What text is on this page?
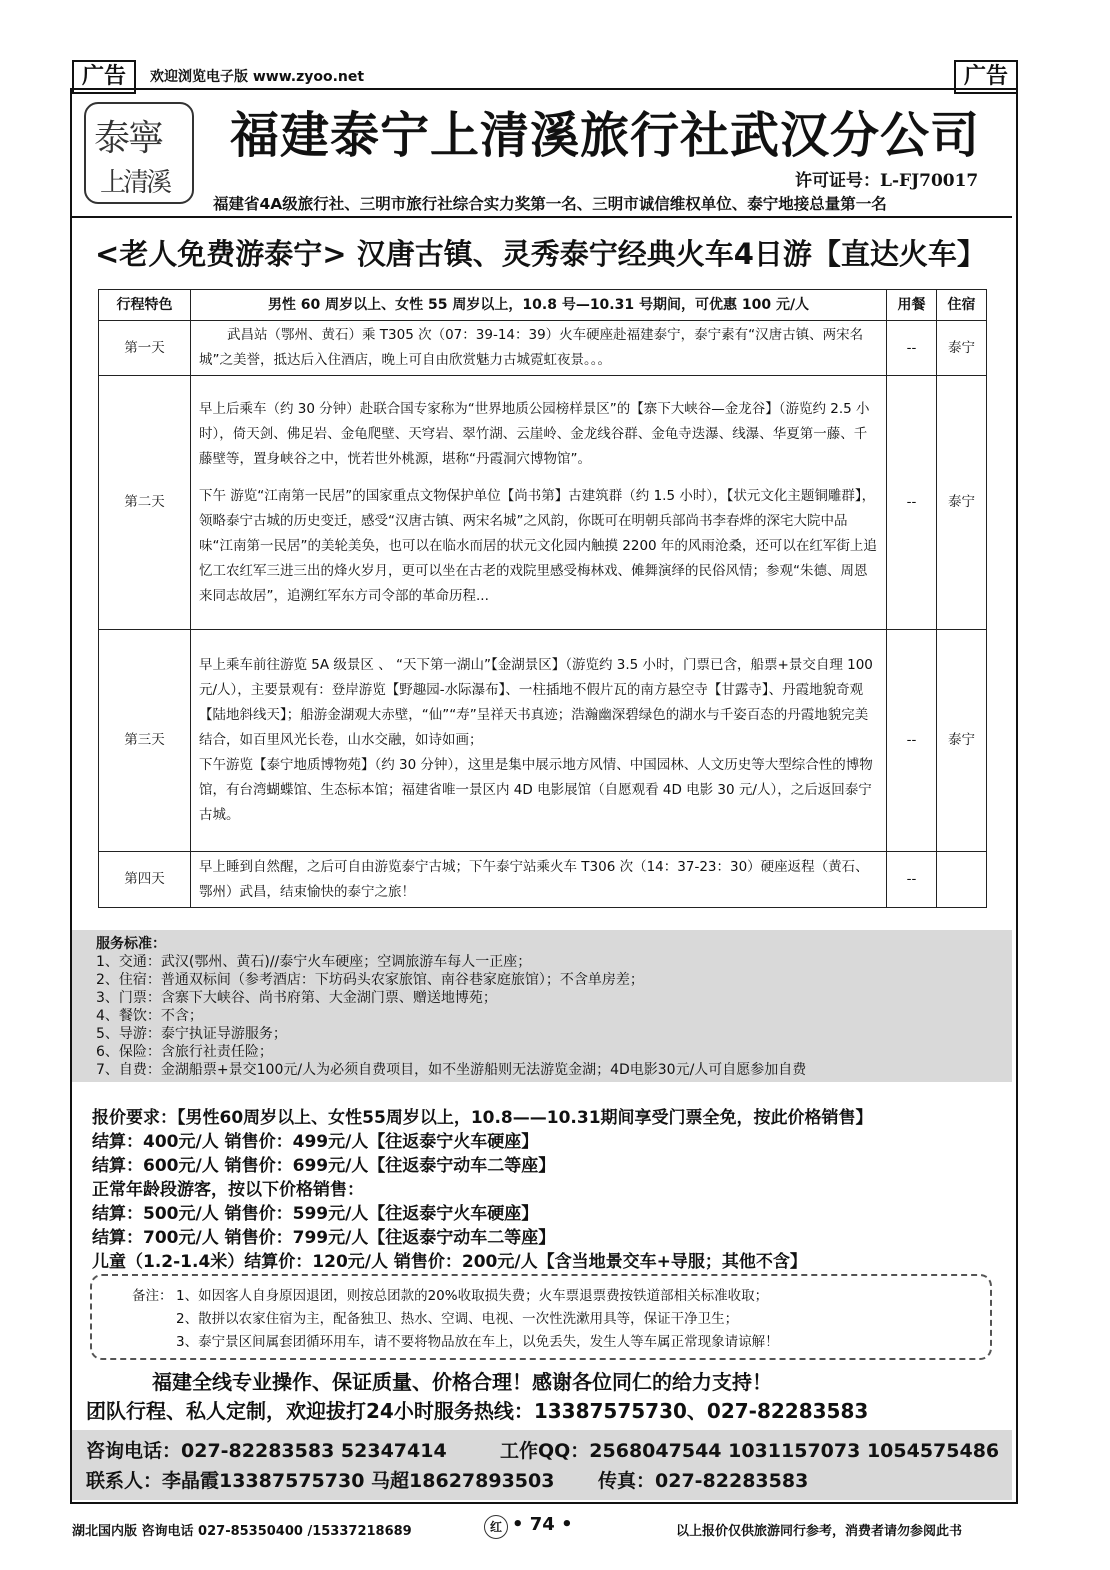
广告	欢迎浏览电子版 www.zyoo.net	广告
泰寧
上清溪
福建泰宁上清溪旅行社武汉分公司
许可证号：L-FJ70017
福建省4A级旅行社、三明市旅行社综合实力奖第一名、三明市诚信维权单位、泰宁地接总量第一名
<老人免费游泰宁> 汉唐古镇、灵秀泰宁经典火车4日游【直达火车】
行程特色	男性 60 周岁以上、女性 55 周岁以上，10.8 号—10.31 号期间，可优惠 100 元/人	用餐	住宿
第一天	武昌站（鄂州、黄石）乘 T305 次（07：39-14：39）火车硬座赴福建泰宁，泰宁素有“汉唐古镇、两宋名城”之美誉，抵达后入住酒店，晚上可自由欣赏魅力古城霓虹夜景。。。	--	泰宁
第二天	早上后乘车（约 30 分钟）赴联合国专家称为“世界地质公园榜样景区”的【寨下大峡谷—金龙谷】（游览约 2.5 小时），倚天剑、佛足岩、金龟爬壁、天穹岩、翠竹湖、云崖岭、金龙线谷群、金龟寺迭瀑、线瀑、华夏第一藤、千藤壁等，置身峡谷之中，恍若世外桃源，堪称“丹霞洞穴博物馆”。

下午 游览“江南第一民居”的国家重点文物保护单位【尚书第】古建筑群（约 1.5 小时），【状元文化主题铜雕群】，领略泰宁古城的历史变迁，感受“汉唐古镇、两宋名城”之风韵，你既可在明朝兵部尚书李春烨的深宅大院中品味“江南第一民居”的美轮美奂，也可以在临水而居的状元文化园内触摸 2200 年的风雨沧桑，还可以在红军街上追忆工农红军三进三出的烽火岁月，更可以坐在古老的戏院里感受梅林戏、傩舞演绎的民俗风情；参观“朱德、周恩来同志故居”，追溯红军东方司令部的革命历程...	--	泰宁
第三天	早上乘车前往游览 5A 级景区 、 “天下第一湖山”【金湖景区】（游览约 3.5 小时，门票已含，船票+景交自理 100 元/人），主要景观有：登岸游览【野趣园-水际瀑布】、一柱插地不假片瓦的南方悬空寺【甘露寺】、丹霞地貌奇观【陆地斜线天】；船游金湖观大赤壁，“仙”“寿”呈祥天书真迹；浩瀚幽深碧绿色的湖水与千姿百态的丹霞地貌完美结合，如百里风光长卷，山水交融，如诗如画；

下午游览【泰宁地质博物苑】（约 30 分钟），这里是集中展示地方风情、中国园林、人文历史等大型综合性的博物馆，有台湾蝴蝶馆、生态标本馆；福建省唯一景区内 4D 电影展馆（自愿观看 4D 电影 30 元/人），之后返回泰宁古城。	--	泰宁
第四天	早上睡到自然醒，之后可自由游览泰宁古城；下午泰宁站乘火车 T306 次（14：37-23：30）硬座返程（黄石、鄂州）武昌，结束愉快的泰宁之旅！	--	
服务标准：
1、交通：武汉(鄂州、黄石)//泰宁火车硬座；空调旅游车每人一正座；
2、住宿：普通双标间（参考酒店：下坊码头农家旅馆、南谷巷家庭旅馆）；不含单房差；
3、门票：含寨下大峡谷、尚书府第、大金湖门票、赠送地博苑；
4、餐饮：不含；
5、导游：泰宁执证导游服务；
6、保险：含旅行社责任险；
7、自费：金湖船票+景交100元/人为必须自费项目，如不坐游船则无法游览金湖；4D电影30元/人可自愿参加自费
报价要求：【男性60周岁以上、女性55周岁以上，10.8——10.31期间享受门票全免，按此价格销售】
结算：400元/人 销售价：499元/人【往返泰宁火车硬座】
结算：600元/人 销售价：699元/人【往返泰宁动车二等座】
正常年龄段游客，按以下价格销售：
结算：500元/人 销售价：599元/人【往返泰宁火车硬座】
结算：700元/人 销售价：799元/人【往返泰宁动车二等座】
儿童（1.2-1.4米）结算价：120元/人 销售价：200元/人【含当地景交车+导服；其他不含】
备注： 1、如因客人自身原因退团，则按总团款的20%收取损失费；火车票退票费按铁道部相关标准收取；
2、散拼以农家住宿为主，配备独卫、热水、空调、电视、一次性洗漱用具等，保证干净卫生；
3、泰宁景区间属套团循环用车，请不要将物品放在车上，以免丢失，发生人等车属正常现象请谅解！
福建全线专业操作、保证质量、价格合理！感谢各位同仁的给力支持！
团队行程、私人定制，欢迎拔打24小时服务热线：13387575730、027-82283583
咨询电话：027-82283583 52347414	工作QQ：2568047544 1031157073 1054575486
联系人：李晶霞13387575730 马超18627893503 传真：027-82283583
湖北国内版 咨询电话 027-85350400 /15337218689	红 • 74 •	以上报价仅供旅游同行参考，消费者请勿参阅此书
